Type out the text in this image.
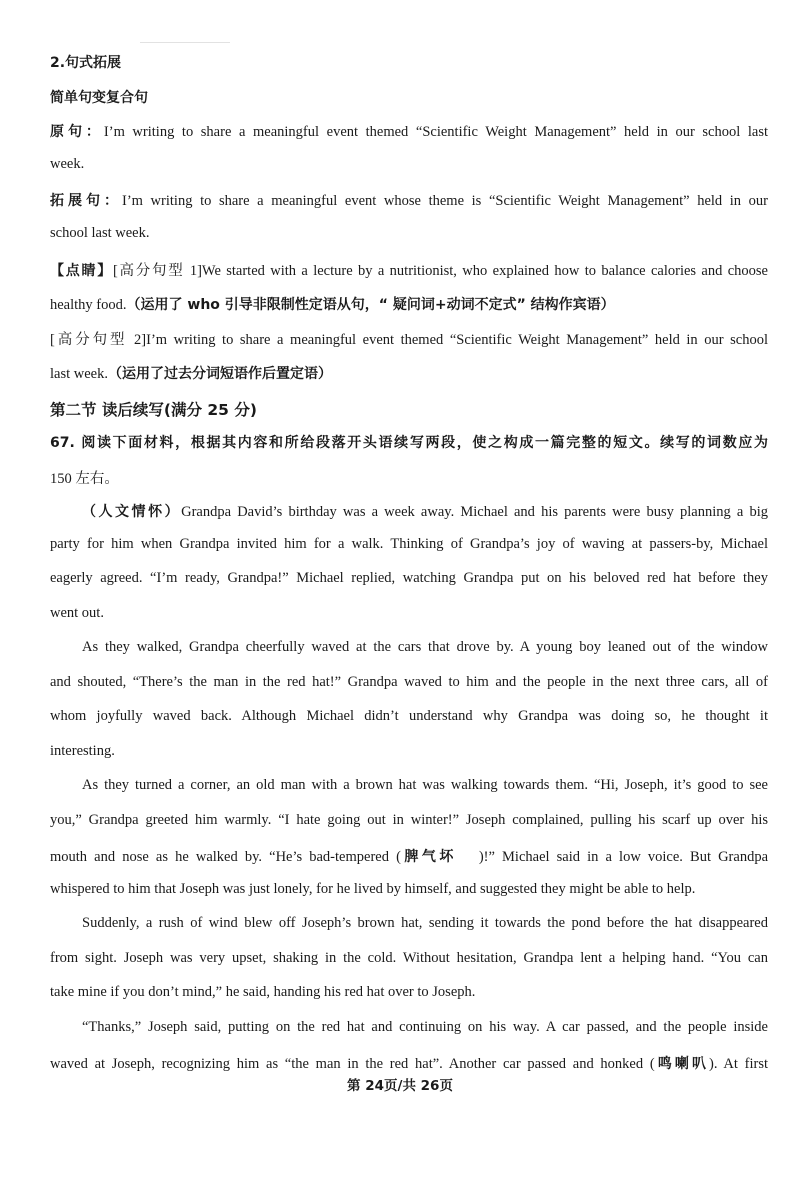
2.句式拓展
简单句变复合句
原句：I’m writing to share a meaningful event themed “Scientific Weight Management” held in our school last
week.
拓展句：I’m writing to share a meaningful event whose theme is “Scientific Weight Management” held in our
school last week.
【点睛】[高分句型 1]We started with a lecture by a nutritionist, who explained how to balance calories and choose
healthy food.（运用了 who 引导非限制性定语从句，“ 疑问词+动词不定式” 结构作宾语）
[高分句型 2]I’m writing to share a meaningful event themed “Scientific Weight Management” held in our school
last week.（运用了过去分词短语作后置定语）
第二节 读后续写(满分 25 分)
67. 阅读下面材料，根据其内容和所给段落开头语续写两段，使之构成一篇完整的短文。续写的词数应为
150 左右。
（人文情怀）Grandpa David’s birthday was a week away. Michael and his parents were busy planning a big
party for him when Grandpa invited him for a walk. Thinking of Grandpa’s joy of waving at passers-by, Michael
eagerly agreed. “I’m ready, Grandpa!” Michael replied, watching Grandpa put on his beloved red hat before they
went out.
As they walked, Grandpa cheerfully waved at the cars that drove by. A young boy leaned out of the window
and shouted, “There’s the man in the red hat!” Grandpa waved to him and the people in the next three cars, all of
whom joyfully waved back. Although Michael didn’t understand why Grandpa was doing so, he thought it
interesting.
As they turned a corner, an old man with a brown hat was walking towards them. “Hi, Joseph, it’s good to see
you,” Grandpa greeted him warmly. “I hate going out in winter!” Joseph complained, pulling his scarf up over his
mouth and nose as he walked by. “He’s bad-tempered (脾气坏 )!” Michael said in a low voice. But Grandpa
whispered to him that Joseph was just lonely, for he lived by himself, and suggested they might be able to help.
Suddenly, a rush of wind blew off Joseph’s brown hat, sending it towards the pond before the hat disappeared
from sight. Joseph was very upset, shaking in the cold. Without hesitation, Grandpa lent a helping hand. “You can
take mine if you don’t mind,” he said, handing his red hat over to Joseph.
“Thanks,” Joseph said, putting on the red hat and continuing on his way. A car passed, and the people inside
waved at Joseph, recognizing him as “the man in the red hat”. Another car passed and honked (鸣喇叭). At first
第 24页/共 26页
